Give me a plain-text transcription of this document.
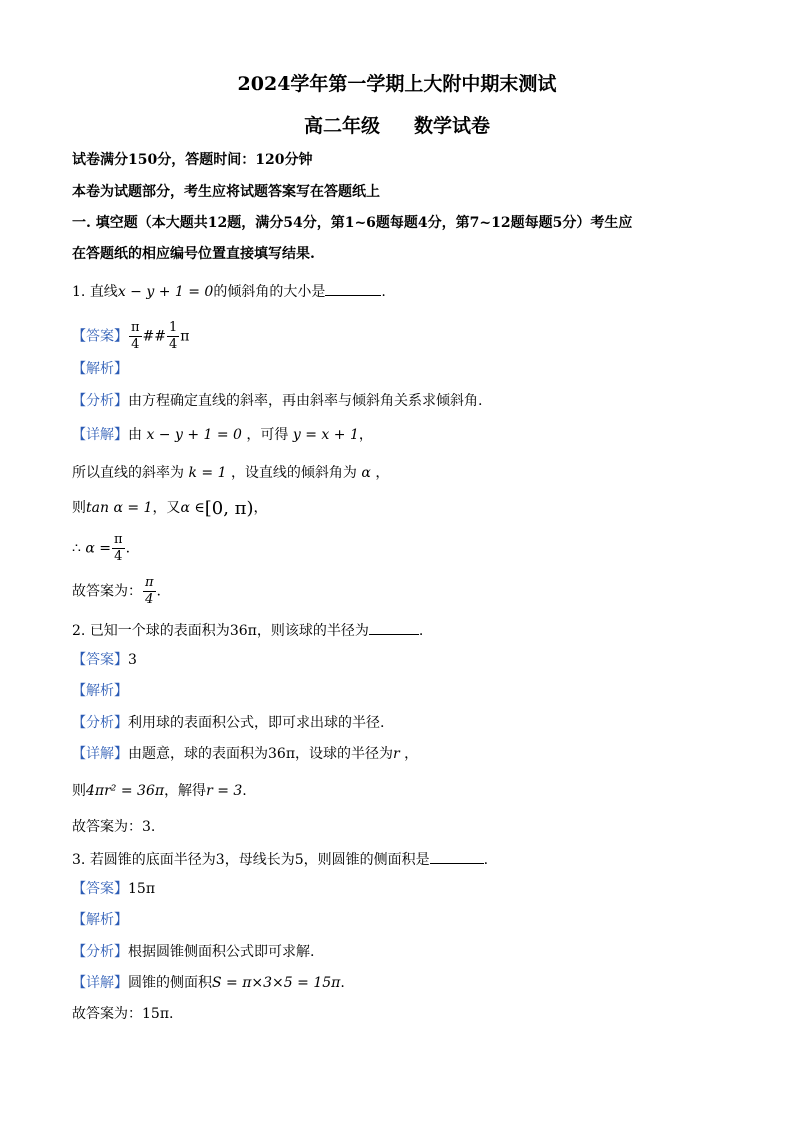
2024学年第一学期上大附中期末测试
高二年级 数学试卷
试卷满分150分，答题时间：120分钟
本卷为试题部分，考生应将试题答案写在答题纸上
一. 填空题（本大题共12题，满分54分，第1~6题每题4分，第7~12题每题5分）考生应
在答题纸的相应编号位置直接填写结果.
1. 直线x − y + 1 = 0的倾斜角的大小是	.
【答案】 $\frac{\pi}{4}$ ## $\frac{1}{4}$ π
【解析】
【分析】由方程确定直线的斜率，再由斜率与倾斜角关系求倾斜角.
【详解】由 x − y + 1 = 0 ，可得 y = x + 1，
所以直线的斜率为 k = 1 ，设直线的倾斜角为 α ，
则tan α = 1，又α ∈[0, π)，
∴ $\alpha = \frac{\pi}{4}$ .
故答案为： $\frac{\pi}{4}$ .
2. 已知一个球的表面积为36π，则该球的半径为	.
【答案】3
【解析】
【分析】利用球的表面积公式，即可求出球的半径.
【详解】由题意，球的表面积为36π，设球的半径为r ，
则4πr² = 36π，解得r = 3.
故答案为：3.
3. 若圆锥的底面半径为3，母线长为5，则圆锥的侧面积是	.
【答案】15π
【解析】
【分析】根据圆锥侧面积公式即可求解.
【详解】圆锥的侧面积S = π×3×5 = 15π.
故答案为：15π.
